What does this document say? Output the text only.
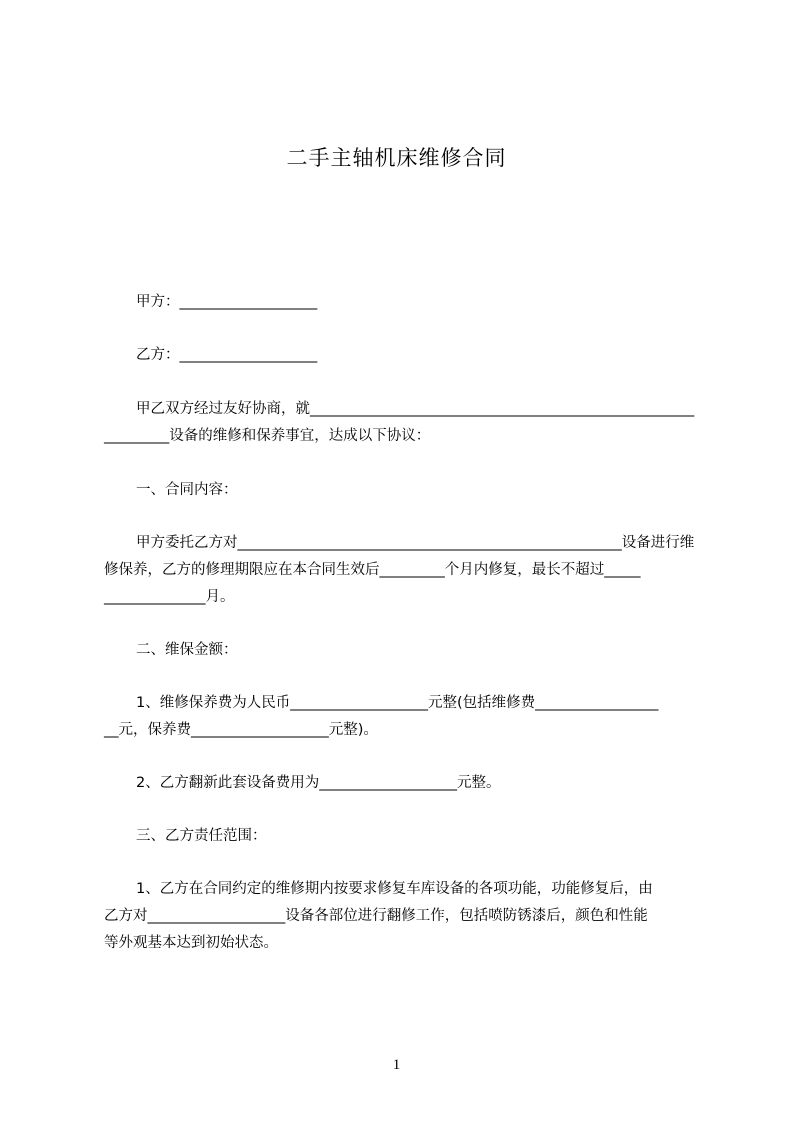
二手主轴机床维修合同
甲方：___________________
乙方：___________________
甲乙双方经过友好协商，就_____________________________________________________
_________设备的维修和保养事宜，达成以下协议：
一、合同内容：
甲方委托乙方对_____________________________________________________设备进行维
修保养，乙方的修理期限应在本合同生效后_________个月内修复，最长不超过_____
______________月。
二、维保金额：
1、维修保养费为人民币___________________元整(包括维修费_________________
__元，保养费___________________元整)。
2、乙方翻新此套设备费用为___________________元整。
三、乙方责任范围：
1、乙方在合同约定的维修期内按要求修复车库设备的各项功能，功能修复后，由
乙方对___________________设备各部位进行翻修工作，包括喷防锈漆后，颜色和性能
等外观基本达到初始状态。
1
